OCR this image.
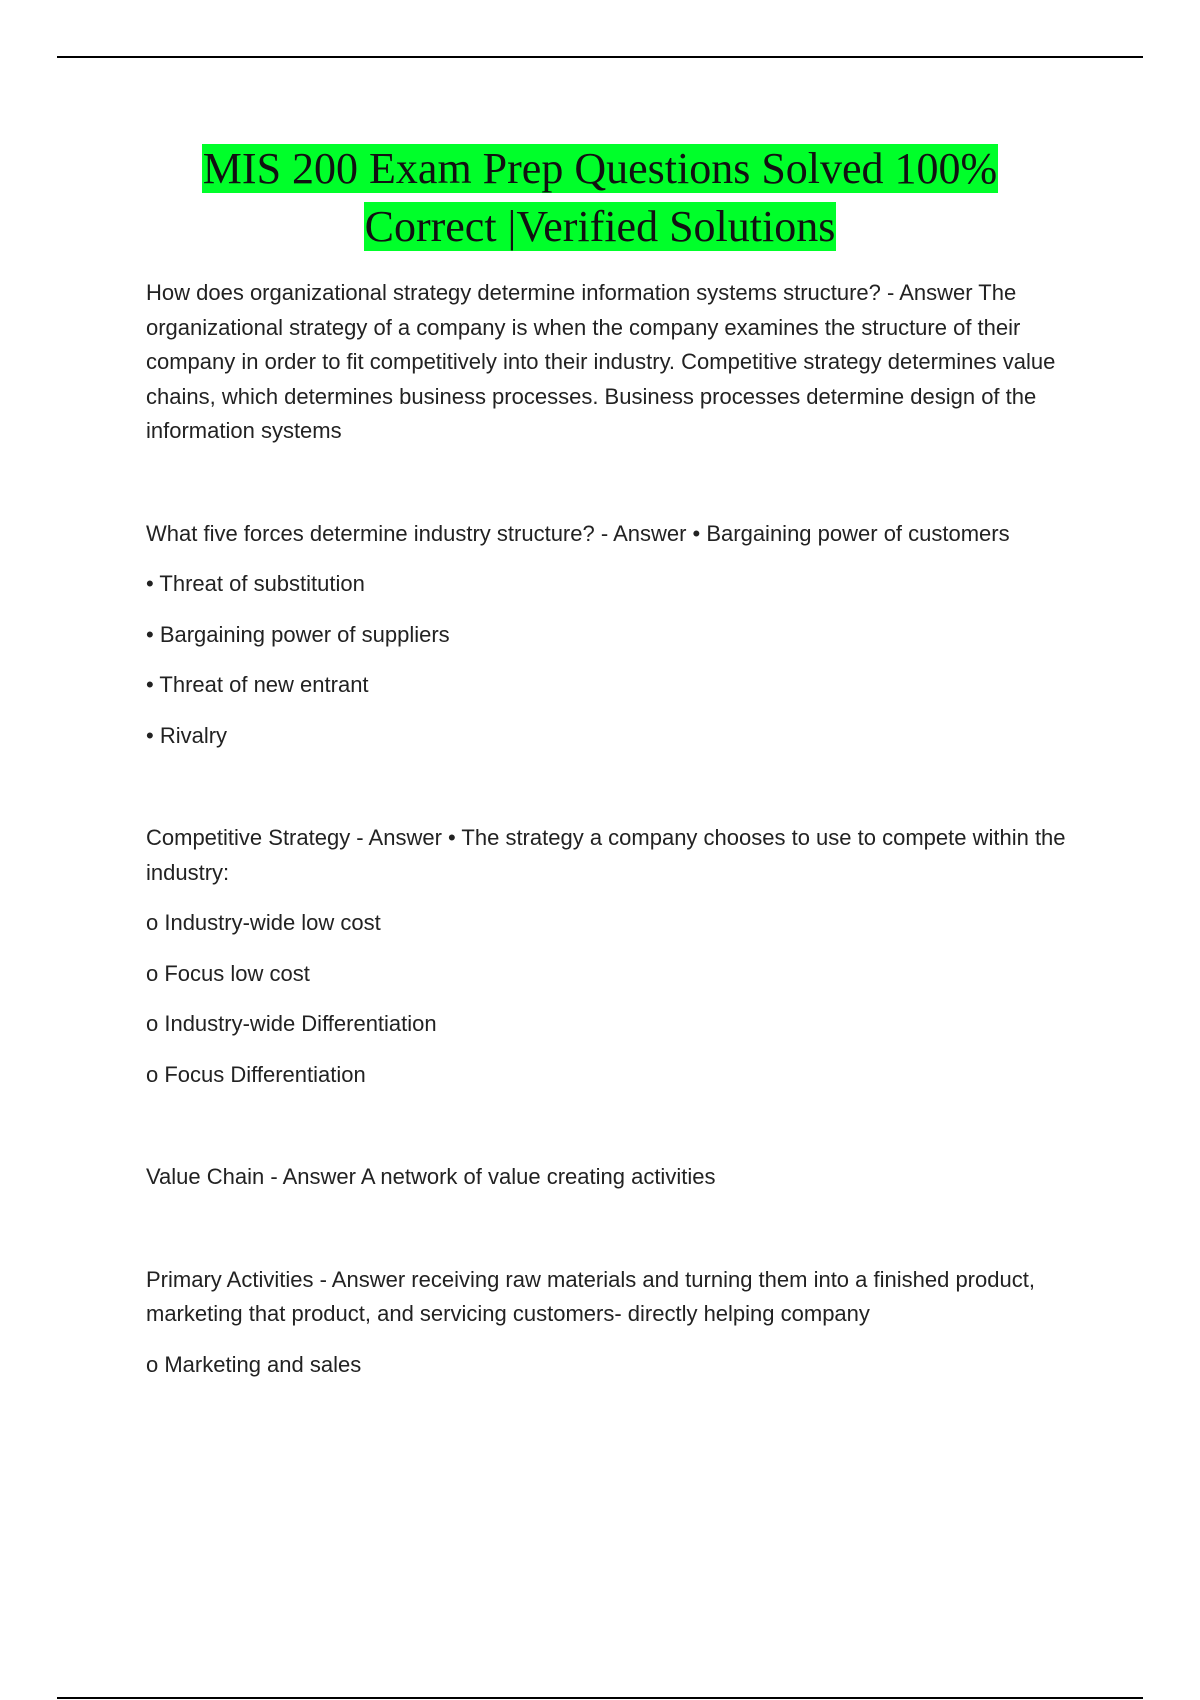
MIS 200 Exam Prep Questions Solved 100%
Correct |Verified Solutions

How does organizational strategy determine information systems structure? - Answer The organizational strategy of a company is when the company examines the structure of their company in order to fit competitively into their industry. Competitive strategy determines value chains, which determines business processes. Business processes determine design of the information systems

What five forces determine industry structure? - Answer • Bargaining power of customers

• Threat of substitution

• Bargaining power of suppliers

• Threat of new entrant

• Rivalry

Competitive Strategy - Answer • The strategy a company chooses to use to compete within the industry:

o Industry-wide low cost

o Focus low cost

o Industry-wide Differentiation

o Focus Differentiation

Value Chain - Answer A network of value creating activities

Primary Activities - Answer receiving raw materials and turning them into a finished product, marketing that product, and servicing customers- directly helping company

o Marketing and sales
